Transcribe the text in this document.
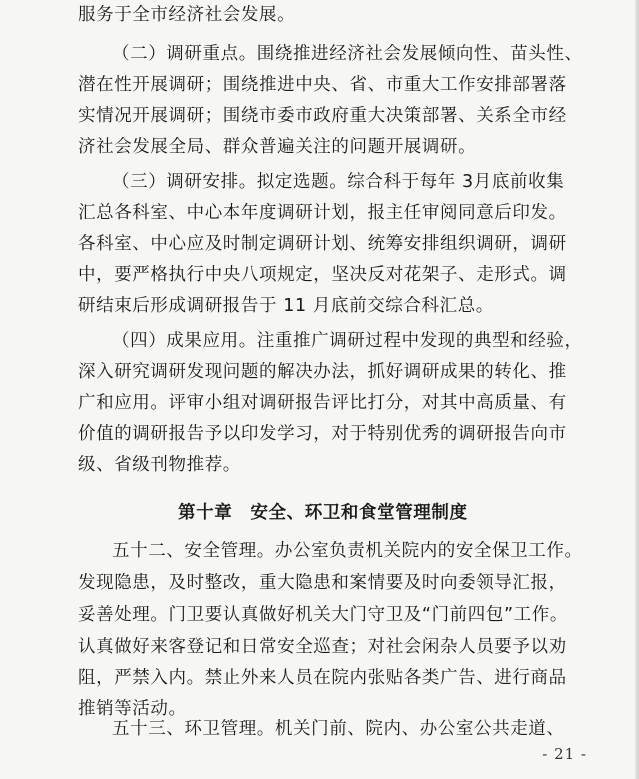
服务于全市经济社会发展。
（二）调研重点。围绕推进经济社会发展倾向性、苗头性、
潜在性开展调研；围绕推进中央、省、市重大工作安排部署落
实情况开展调研；围绕市委市政府重大决策部署、关系全市经
济社会发展全局、群众普遍关注的问题开展调研。
（三）调研安排。拟定选题。综合科于每年 3月底前收集
汇总各科室、中心本年度调研计划，报主任审阅同意后印发。
各科室、中心应及时制定调研计划、统筹安排组织调研，调研
中，要严格执行中央八项规定，坚决反对花架子、走形式。调
研结束后形成调研报告于 11 月底前交综合科汇总。
（四）成果应用。注重推广调研过程中发现的典型和经验，
深入研究调研发现问题的解决办法，抓好调研成果的转化、推
广和应用。评审小组对调研报告评比打分，对其中高质量、有
价值的调研报告予以印发学习，对于特别优秀的调研报告向市
级、省级刊物推荐。
第十章　安全、环卫和食堂管理制度
五十二、安全管理。办公室负责机关院内的安全保卫工作。
发现隐患，及时整改，重大隐患和案情要及时向委领导汇报，
妥善处理。门卫要认真做好机关大门守卫及“门前四包”工作。
认真做好来客登记和日常安全巡查；对社会闲杂人员要予以劝
阻，严禁入内。禁止外来人员在院内张贴各类广告、进行商品
推销等活动。
五十三、环卫管理。机关门前、院内、办公室公共走道、
- 21 -
